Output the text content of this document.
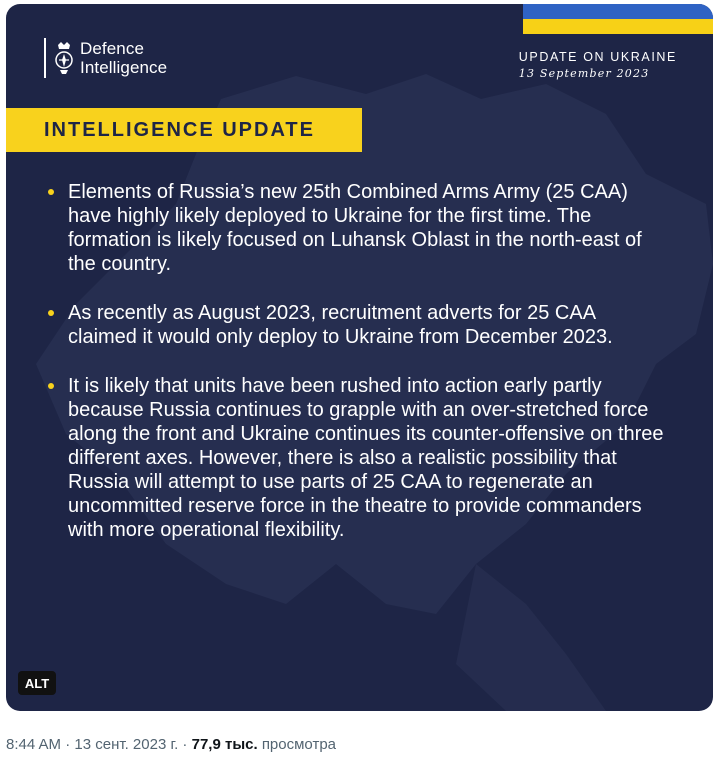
Defence
Intelligence
UPDATE ON UKRAINE
13 September 2023
INTELLIGENCE UPDATE
Elements of Russia’s new 25th Combined Arms Army (25 CAA) have highly likely deployed to Ukraine for the first time. The formation is likely focused on Luhansk Oblast in the north-east of the country.
As recently as August 2023, recruitment adverts for 25 CAA claimed it would only deploy to Ukraine from December 2023.
It is likely that units have been rushed into action early partly because Russia continues to grapple with an over-stretched force along the front and Ukraine continues its counter-offensive on three different axes. However, there is also a realistic possibility that Russia will attempt to use parts of 25 CAA to regenerate an uncommitted reserve force in the theatre to provide commanders with more operational flexibility.
ALT
8:44 AM · 13 сент. 2023 г. · 77,9 тыс. просмотра
